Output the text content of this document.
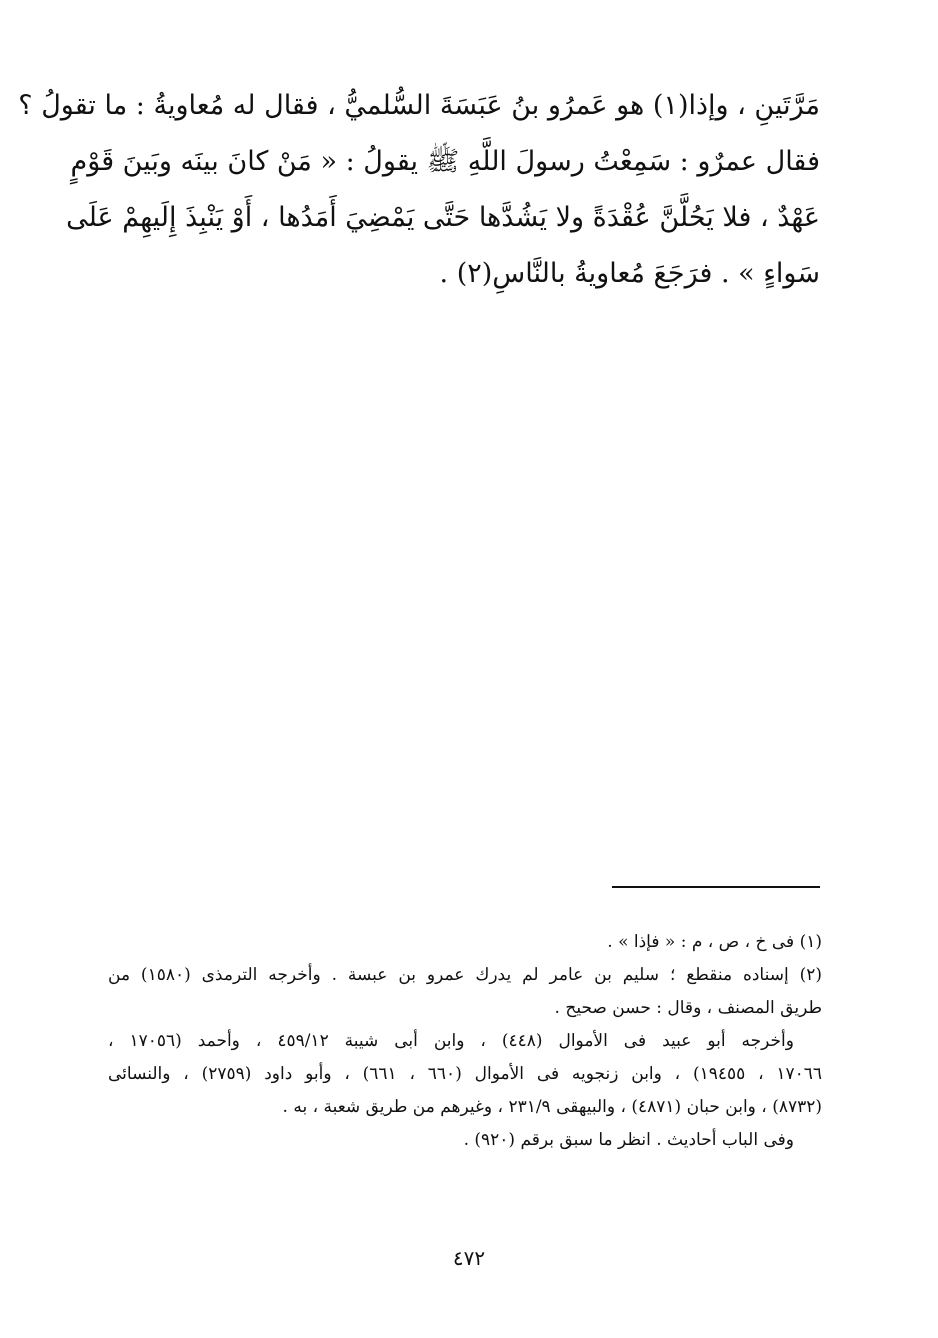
مَرَّتَينِ ، وإذا(١) هو عَمرُو بنُ عَبَسَةَ السُّلميُّ ، فقال له مُعاويةُ : ما تقولُ ؟
فقال عمرٌو : سَمِعْتُ رسولَ اللَّهِ ﷺ يقولُ : « مَنْ كانَ بينَه وبَينَ قَوْمٍ
عَهْدٌ ، فلا يَحُلَّنَّ عُقْدَةً ولا يَشُدَّها حَتَّى يَمْضِيَ أَمَدُها ، أَوْ يَنْبِذَ إِلَيهِمْ عَلَى
سَواءٍ » . فرَجَعَ مُعاويةُ بالنَّاسِ(٢) .
(١) فى خ ، ص ، م : « فإذا » .
(٢) إسناده منقطع ؛ سليم بن عامر لم يدرك عمرو بن عبسة . وأخرجه الترمذى (١٥٨٠) من
طريق المصنف ، وقال : حسن صحيح .
وأخرجه أبو عبيد فى الأموال (٤٤٨) ، وابن أبى شيبة ٤٥٩/١٢ ، وأحمد (١٧٠٥٦ ،
١٧٠٦٦ ، ١٩٤٥٥) ، وابن زنجويه فى الأموال (٦٦٠ ، ٦٦١) ، وأبو داود (٢٧٥٩) ، والنسائى
(٨٧٣٢) ، وابن حبان (٤٨٧١) ، والبيهقى ٢٣١/٩ ، وغيرهم من طريق شعبة ، به .
وفى الباب أحاديث . انظر ما سبق برقم (٩٢٠) .
٤٧٢
